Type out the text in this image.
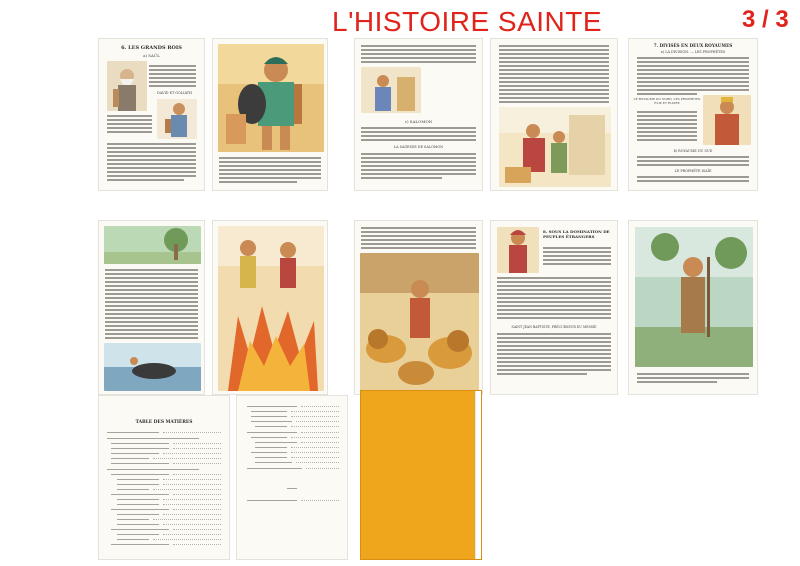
L'HISTOIRE SAINTE	3 / 3
6. LES GRANDS ROIS
a) SAÜL
DAVID ET GOLIATH
c) SALOMON
LA SAGESSE DE SALOMON
7. DIVISÉS EN DEUX ROYAUMES
a) LA DIVISION. — LES PROPHÈTES
LE ROYAUME DU NORD, LES PROPHÈTES ÉLIE ET ÉLISÉE
b) ROYAUME DU SUD
LE PROPHÈTE ISAÏE
8. SOUS LA DOMINATION DE PEUPLES ÉTRANGERS
SAINT JEAN BAPTISTE, PRÉCURSEUR DU MESSIE
TABLE DES MATIÈRES
